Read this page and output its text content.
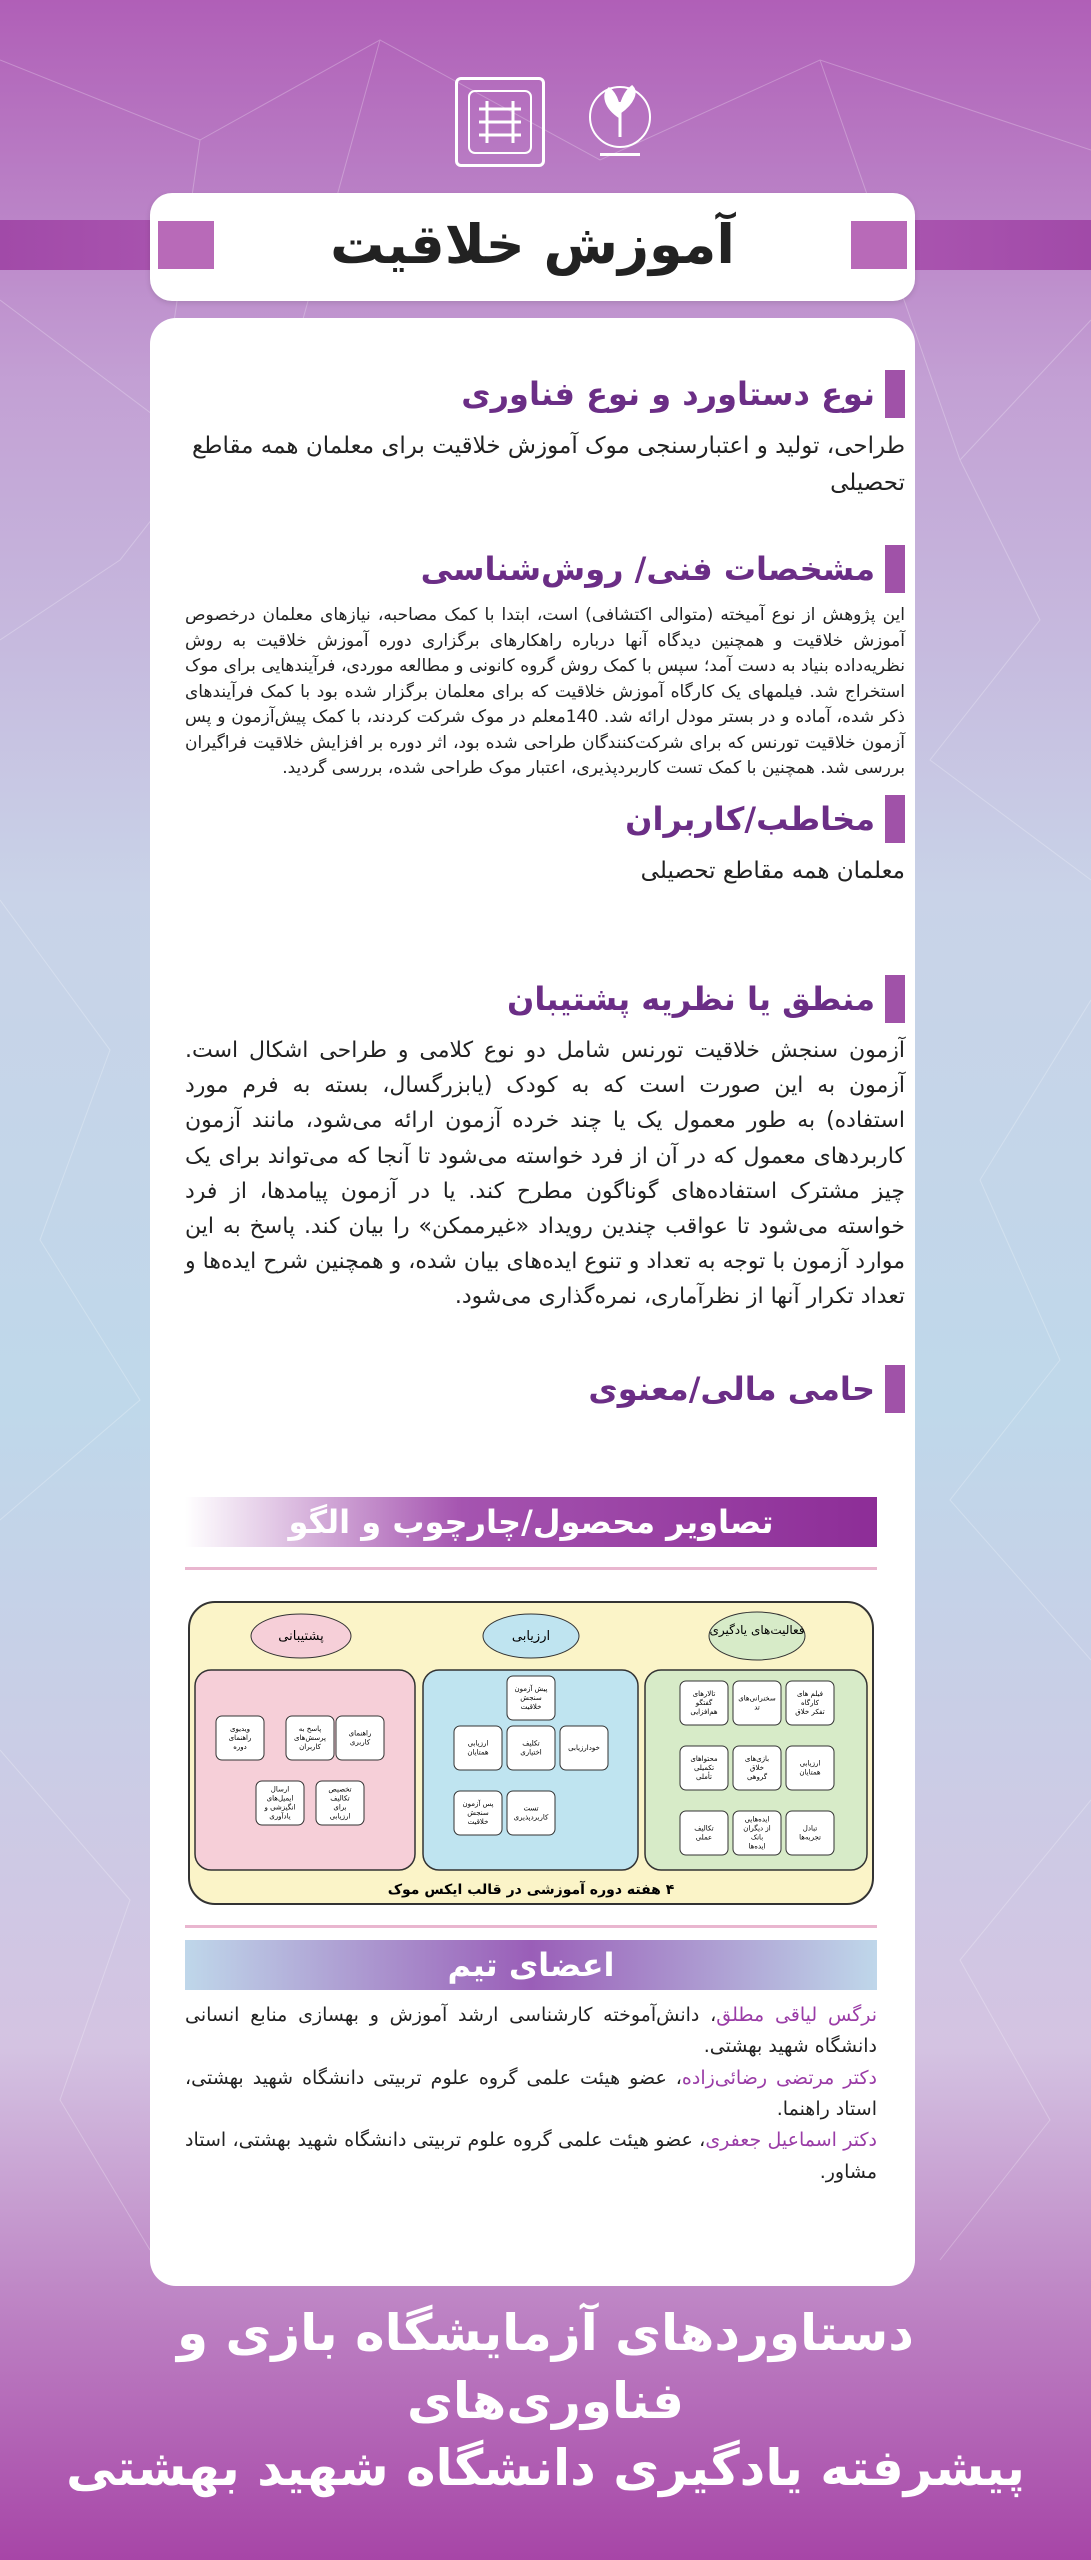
آموزش خلاقیت
نوع دستاورد و نوع فناوری

طراحی، تولید و اعتبارسنجی موک آموزش خلاقیت برای معلمان همه مقاطع تحصیلی

مشخصات فنی/ روش‌شناسی

این پژوهش از نوع آمیخته (متوالی اکتشافی) است، ابتدا با کمک مصاحبه، نیازهای معلمان درخصوص آموزش خلاقیت و همچنین دیدگاه آنها درباره راهکارهای برگزاری دوره آموزش خلاقیت به روش نظریه‌داده بنیاد به دست آمد؛ سپس با کمک روش گروه کانونی و مطالعه موردی، فرآیندهایی برای موک استخراج شد. فیلمهای یک کارگاه آموزش خلاقیت که برای معلمان برگزار شده بود با کمک فرآیندهای ذکر شده، آماده و در بستر مودل ارائه شد. 140معلم در موک شرکت کردند، با کمک پیش‌آزمون و پس آزمون خلاقیت تورنس که برای شرکت‌کنندگان طراحی شده بود، اثر دوره بر افزایش خلاقیت فراگیران بررسی شد. همچنین با کمک تست کاربردپذیری، اعتبار موک طراحی شده، بررسی گردید.

مخاطب/کاربران

معلمان همه مقاطع تحصیلی

منطق یا نظریه پشتیبان

آزمون سنجش خلاقیت تورنس شامل دو نوع کلامی و طراحی اشکال است. آزمون به این صورت است که به کودک (یابزرگسال، بسته به فرم مورد استفاده) به طور معمول یک یا چند خرده آزمون ارائه می‌شود، مانند آزمون کاربردهای معمول که در آن از فرد خواسته می‌شود تا آنجا که می‌تواند برای یک چیز مشترک استفاده‌های گوناگون مطرح کند. یا در آزمون پیامدها، از فرد خواسته می‌شود تا عواقب چندین رویداد «غیرممکن» را بیان کند. پاسخ به این موارد آزمون با توجه به تعداد و تنوع ایده‌های بیان شده، و همچنین شرح ایده‌ها و تعداد تکرار آنها از نظرآماری، نمره‌گذاری می‌شود.

حامی مالی/معنوی
تصاویر محصول/چارچوب و الگو
فعالیت‌های یادگیری
ارزیابی
پشتیبانی
فیلم های کارگاه تفکر خلاق
سخنرانی‌های تد
تالارهای گفتگو هم‌افزایی
ارزیابی همتایان
بازی‌های خلاق گروهی
محتواهای تکمیلی تأملی
تبادل تجربه‌ها
ایده‌هایی از دیگران بانک ایده‌ها
تکالیف عملی
پیش آزمون سنجش خلاقیت
ارزیابی همتایان
تکلیف اختیاری
خودارزیابی
پس آزمون سنجش خلاقیت
تست کاربردپذیری
راهنمای کاربری
پاسخ به پرسش‌های کاربران
ویدیوی راهنمای دوره
تخصیص تکالیف برای ارزیابی
ارسال ایمیل‌های انگیزشی و یادآوری
۴ هفته دوره آموزشی در قالب ایکس موک
اعضای تیم
نرگس لیاقی مطلق، دانش‌آموخته کارشناسی ارشد آموزش و بهسازی منابع انسانی دانشگاه شهید بهشتی.
دکتر مرتضی رضائی‌زاده، عضو هیئت علمی گروه علوم تربیتی دانشگاه شهید بهشتی، استاد راهنما.
دکتر اسماعیل جعفری، عضو هیئت علمی گروه علوم تربیتی دانشگاه شهید بهشتی، استاد مشاور.
دستاوردهای آزمایشگاه بازی و فناوری‌های
پیشرفته یادگیری دانشگاه شهید بهشتی
